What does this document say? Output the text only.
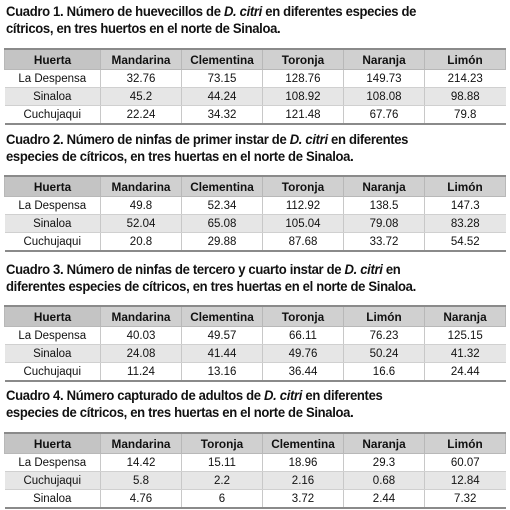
Cuadro 1. Número de huevecillos de D. citri en diferentes especies de
cítricos, en tres huertos en el norte de Sinaloa.
Huerta	Mandarina	Clementina	Toronja	Naranja	Limón
La Despensa	32.76	73.15	128.76	149.73	214.23
Sinaloa	45.2	44.24	108.92	108.08	98.88
Cuchujaqui	22.24	34.32	121.48	67.76	79.8
Cuadro 2. Número de ninfas de primer instar de D. citri en diferentes
especies de cítricos, en tres huertas en el norte de Sinaloa.
Huerta	Mandarina	Clementina	Toronja	Naranja	Limón
La Despensa	49.8	52.34	112.92	138.5	147.3
Sinaloa	52.04	65.08	105.04	79.08	83.28
Cuchujaqui	20.8	29.88	87.68	33.72	54.52
Cuadro 3. Número de ninfas de tercero y cuarto instar de D. citri en
diferentes especies de cítricos, en tres huertas en el norte de Sinaloa.
Huerta	Mandarina	Clementina	Toronja	Limón	Naranja
La Despensa	40.03	49.57	66.11	76.23	125.15
Sinaloa	24.08	41.44	49.76	50.24	41.32
Cuchujaqui	11.24	13.16	36.44	16.6	24.44
Cuadro 4. Número capturado de adultos de D. citri en diferentes
especies de cítricos, en tres huertas en el norte de Sinaloa.
Huerta	Mandarina	Toronja	Clementina	Naranja	Limón
La Despensa	14.42	15.11	18.96	29.3	60.07
Cuchujaqui	5.8	2.2	2.16	0.68	12.84
Sinaloa	4.76	6	3.72	2.44	7.32
